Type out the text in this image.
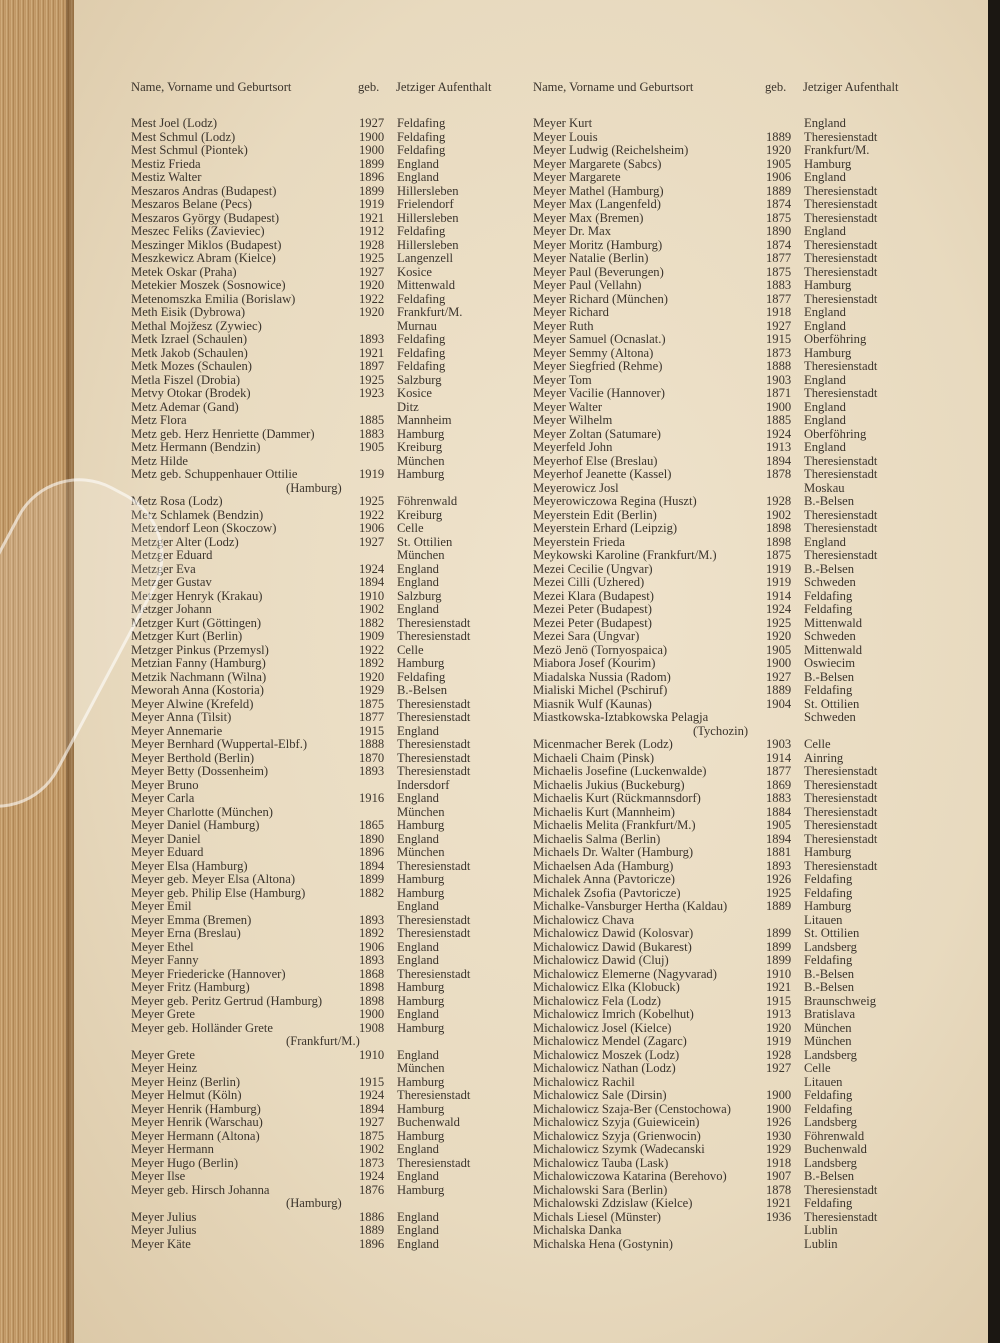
Name, Vorname und Geburtsort	geb. Jetziger Aufenthalt
Mest Joel (Lodz)	1927 Feldafing
Mest Schmul (Lodz)	1900 Feldafing
Mest Schmul (Piontek)	1900 Feldafing
Mestiz Frieda	1899 England
Mestiz Walter	1896 England
Meszaros Andras (Budapest)	1899 Hillersleben
Meszaros Belane (Pecs)	1919 Frielendorf
Meszaros György (Budapest)	1921 Hillersleben
Meszec Feliks (Zavieviec)	1912 Feldafing
Meszinger Miklos (Budapest)	1928 Hillersleben
Meszkewicz Abram (Kielce)	1925 Langenzell
Metek Oskar (Praha)	1927 Kosice
Metekier Moszek (Sosnowice)	1920 Mittenwald
Metenomszka Emilia (Borislaw)	1922 Feldafing
Meth Eisik (Dybrowa)	1920 Frankfurt/M.
Methal Mojžesz (Zywiec)	Murnau
Metk Izrael (Schaulen)	1893 Feldafing
Metk Jakob (Schaulen)	1921 Feldafing
Metk Mozes (Schaulen)	1897 Feldafing
Metla Fiszel (Drobia)	1925 Salzburg
Metvy Otokar (Brodek)	1923 Kosice
Metz Ademar (Gand)	Ditz
Metz Flora	1885 Mannheim
Metz geb. Herz Henriette (Dammer)	1883 Hamburg
Metz Hermann (Bendzin)	1905 Kreiburg
Metz Hilde	München
Metz geb. Schuppenhauer Ottilie	1919 Hamburg
(Hamburg)
Metz Rosa (Lodz)	1925 Föhrenwald
Metz Schlamek (Bendzin)	1922 Kreiburg
Metzendorf Leon (Skoczow)	1906 Celle
Metzger Alter (Lodz)	1927 St. Ottilien
Metzger Eduard	München
Metzger Eva	1924 England
Metzger Gustav	1894 England
Metzger Henryk (Krakau)	1910 Salzburg
Metzger Johann	1902 England
Metzger Kurt (Göttingen)	1882 Theresienstadt
Metzger Kurt (Berlin)	1909 Theresienstadt
Metzger Pinkus (Przemysl)	1922 Celle
Metzian Fanny (Hamburg)	1892 Hamburg
Metzik Nachmann (Wilna)	1920 Feldafing
Meworah Anna (Kostoria)	1929 B.-Belsen
Meyer Alwine (Krefeld)	1875 Theresienstadt
Meyer Anna (Tilsit)	1877 Theresienstadt
Meyer Annemarie	1915 England
Meyer Bernhard (Wuppertal-Elbf.)	1888 Theresienstadt
Meyer Berthold (Berlin)	1870 Theresienstadt
Meyer Betty (Dossenheim)	1893 Theresienstadt
Meyer Bruno	Indersdorf
Meyer Carla	1916 England
Meyer Charlotte (München)	München
Meyer Daniel (Hamburg)	1865 Hamburg
Meyer Daniel	1890 England
Meyer Eduard	1896 München
Meyer Elsa (Hamburg)	1894 Theresienstadt
Meyer geb. Meyer Elsa (Altona)	1899 Hamburg
Meyer geb. Philip Else (Hamburg)	1882 Hamburg
Meyer Emil	England
Meyer Emma (Bremen)	1893 Theresienstadt
Meyer Erna (Breslau)	1892 Theresienstadt
Meyer Ethel	1906 England
Meyer Fanny	1893 England
Meyer Friedericke (Hannover)	1868 Theresienstadt
Meyer Fritz (Hamburg)	1898 Hamburg
Meyer geb. Peritz Gertrud (Hamburg)	1898 Hamburg
Meyer Grete	1900 England
Meyer geb. Holländer Grete	1908 Hamburg
(Frankfurt/M.)
Meyer Grete	1910 England
Meyer Heinz	München
Meyer Heinz (Berlin)	1915 Hamburg
Meyer Helmut (Köln)	1924 Theresienstadt
Meyer Henrik (Hamburg)	1894 Hamburg
Meyer Henrik (Warschau)	1927 Buchenwald
Meyer Hermann (Altona)	1875 Hamburg
Meyer Hermann	1902 England
Meyer Hugo (Berlin)	1873 Theresienstadt
Meyer Ilse	1924 England
Meyer geb. Hirsch Johanna	1876 Hamburg
(Hamburg)
Meyer Julius	1886 England
Meyer Julius	1889 England
Meyer Käte	1896 England
Name, Vorname und Geburtsort	geb. Jetziger Aufenthalt
Meyer Kurt	England
Meyer Louis	1889 Theresienstadt
Meyer Ludwig (Reichelsheim)	1920 Frankfurt/M.
Meyer Margarete (Sabcs)	1905 Hamburg
Meyer Margarete	1906 England
Meyer Mathel (Hamburg)	1889 Theresienstadt
Meyer Max (Langenfeld)	1874 Theresienstadt
Meyer Max (Bremen)	1875 Theresienstadt
Meyer Dr. Max	1890 England
Meyer Moritz (Hamburg)	1874 Theresienstadt
Meyer Natalie (Berlin)	1877 Theresienstadt
Meyer Paul (Beverungen)	1875 Theresienstadt
Meyer Paul (Vellahn)	1883 Hamburg
Meyer Richard (München)	1877 Theresienstadt
Meyer Richard	1918 England
Meyer Ruth	1927 England
Meyer Samuel (Ocnaslat.)	1915 Oberföhring
Meyer Semmy (Altona)	1873 Hamburg
Meyer Siegfried (Rehme)	1888 Theresienstadt
Meyer Tom	1903 England
Meyer Vacilie (Hannover)	1871 Theresienstadt
Meyer Walter	1900 England
Meyer Wilhelm	1885 England
Meyer Zoltan (Satumare)	1924 Oberföhring
Meyerfeld John	1913 England
Meyerhof Else (Breslau)	1894 Theresienstadt
Meyerhof Jeanette (Kassel)	1878 Theresienstadt
Meyerowicz Josl	Moskau
Meyerowiczowa Regina (Huszt)	1928 B.-Belsen
Meyerstein Edit (Berlin)	1902 Theresienstadt
Meyerstein Erhard (Leipzig)	1898 Theresienstadt
Meyerstein Frieda	1898 England
Meykowski Karoline (Frankfurt/M.)	1875 Theresienstadt
Mezei Cecilie (Ungvar)	1919 B.-Belsen
Mezei Cilli (Uzhered)	1919 Schweden
Mezei Klara (Budapest)	1914 Feldafing
Mezei Peter (Budapest)	1924 Feldafing
Mezei Peter (Budapest)	1925 Mittenwald
Mezei Sara (Ungvar)	1920 Schweden
Mezö Jenö (Tornyospaica)	1905 Mittenwald
Miabora Josef (Kourim)	1900 Oswiecim
Miadalska Nussia (Radom)	1927 B.-Belsen
Mialiski Michel (Pschiruf)	1889 Feldafing
Miasnik Wulf (Kaunas)	1904 St. Ottilien
Miastkowska-Iztabkowska Pelagja	Schweden
(Tychozin)
Micenmacher Berek (Lodz)	1903 Celle
Michaeli Chaim (Pinsk)	1914 Ainring
Michaelis Josefine (Luckenwalde)	1877 Theresienstadt
Michaelis Jukius (Buckeburg)	1869 Theresienstadt
Michaelis Kurt (Rückmannsdorf)	1883 Theresienstadt
Michaelis Kurt (Mannheim)	1884 Theresienstadt
Michaelis Melita (Frankfurt/M.)	1905 Theresienstadt
Michaelis Salma (Berlin)	1894 Theresienstadt
Michaels Dr. Walter (Hamburg)	1881 Hamburg
Michaelsen Ada (Hamburg)	1893 Theresienstadt
Michalek Anna (Pavtoricze)	1926 Feldafing
Michalek Zsofia (Pavtoricze)	1925 Feldafing
Michalke-Vansburger Hertha (Kaldau)	1889 Hamburg
Michalowicz Chava	Litauen
Michalowicz Dawid (Kolosvar)	1899 St. Ottilien
Michalowicz Dawid (Bukarest)	1899 Landsberg
Michalowicz Dawid (Cluj)	1899 Feldafing
Michalowicz Elemerne (Nagyvarad)	1910 B.-Belsen
Michalowicz Elka (Klobuck)	1921 B.-Belsen
Michalowicz Fela (Lodz)	1915 Braunschweig
Michalowicz Imrich (Kobelhut)	1913 Bratislava
Michalowicz Josel (Kielce)	1920 München
Michalowicz Mendel (Zagarc)	1919 München
Michalowicz Moszek (Lodz)	1928 Landsberg
Michalowicz Nathan (Lodz)	1927 Celle
Michalowicz Rachil	Litauen
Michalowicz Sale (Dirsin)	1900 Feldafing
Michalowicz Szaja-Ber (Censtochowa)	1900 Feldafing
Michalowicz Szyja (Guiewicein)	1926 Landsberg
Michalowicz Szyja (Grienwocin)	1930 Föhrenwald
Michalowicz Szymk (Wadecanski	1929 Buchenwald
Michalowicz Tauba (Lask)	1918 Landsberg
Michalowiczowa Katarina (Berehovo)	1907 B.-Belsen
Michalowski Sara (Berlin)	1878 Theresienstadt
Michalowski Zdzislaw (Kielce)	1921 Feldafing
Michals Liesel (Münster)	1936 Theresienstadt
Michalska Danka	Lublin
Michalska Hena (Gostynin)	Lublin
